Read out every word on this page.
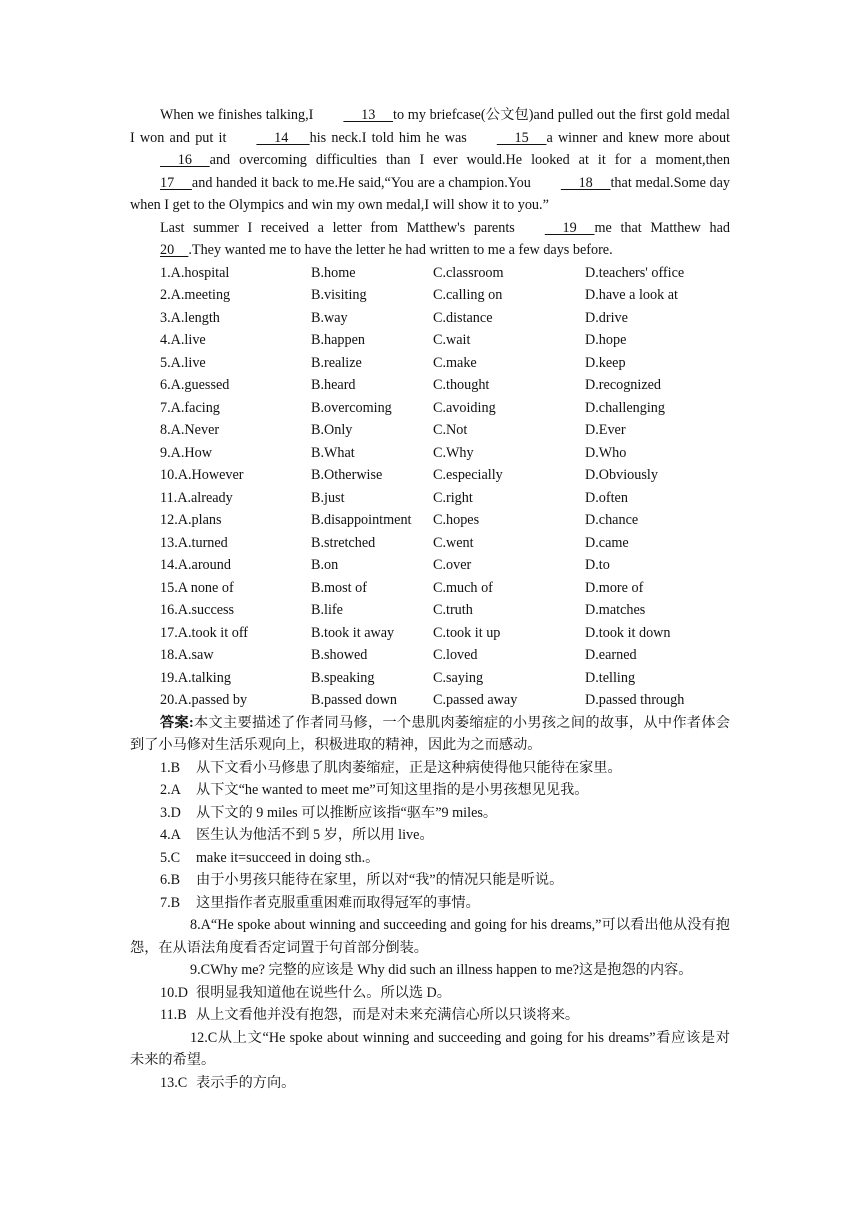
When we finishes talking,I     13     to my briefcase(公文包)and pulled out the first gold medal I won and put it     14      his neck.I told him he was     15     a winner and knew more about     16     and overcoming difficulties than I ever would.He looked at it for a moment,then 17     and handed it back to me.He said,“You are a champion.You     18     that medal.Some day when I get to the Olympics and win my own medal,I will show it to you.”

Last summer I received a letter from Matthew's parents     19     me that Matthew had 20    .They wanted me to have the letter he had written to me a few days before.

1.A.hospital	B.home	C.classroom	D.teachers' office
2.A.meeting	B.visiting	C.calling on	D.have a look at
3.A.length	B.way	C.distance	D.drive
4.A.live	B.happen	C.wait	D.hope
5.A.live	B.realize	C.make	D.keep
6.A.guessed	B.heard	C.thought	D.recognized
7.A.facing	B.overcoming	C.avoiding	D.challenging
8.A.Never	B.Only	C.Not	D.Ever
9.A.How	B.What	C.Why	D.Who
10.A.However	B.Otherwise	C.especially	D.Obviously
11.A.already	B.just	C.right	D.often
12.A.plans	B.disappointment C.hopes	D.chance
13.A.turned	B.stretched	C.went	D.came
14.A.around	B.on	C.over	D.to
15.A none of	B.most of	C.much of	D.more of
16.A.success	B.life	C.truth	D.matches
17.A.took it off	B.took it away	C.took it up	D.took it down
18.A.saw	B.showed	C.loved	D.earned
19.A.talking	B.speaking	C.saying	D.telling
20.A.passed by	B.passed down	C.passed away	D.passed through

答案:本文主要描述了作者同马修，一个患肌肉萎缩症的小男孩之间的故事，从中作者体会到了小马修对生活乐观向上，积极进取的精神，因此为之而感动。

1.B 从下文看小马修患了肌肉萎缩症，正是这种病使得他只能待在家里。

2.A 从下文“he wanted to meet me”可知这里指的是小男孩想见见我。

3.D 从下文的 9 miles 可以推断应该指“驱车”9 miles。

4.A 医生认为他活不到 5 岁，所以用 live。

5.C make it=succeed in doing sth.。

6.B 由于小男孩只能待在家里，所以对“我”的情况只能是听说。

7.B 这里指作者克服重重困难而取得冠军的事情。

8.A“He spoke about winning and succeeding and going for his dreams,”可以看出他从没有抱怨，在从语法角度看否定词置于句首部分倒装。

9.CWhy me? 完整的应该是 Why did such an illness happen to me?这是抱怨的内容。

10.D 很明显我知道他在说些什么。所以选 D。

11.B 从上文看他并没有抱怨，而是对未来充满信心所以只谈将来。

12.C从上文“He spoke about winning and succeeding and going for his dreams”看应该是对未来的希望。

13.C 表示手的方向。
